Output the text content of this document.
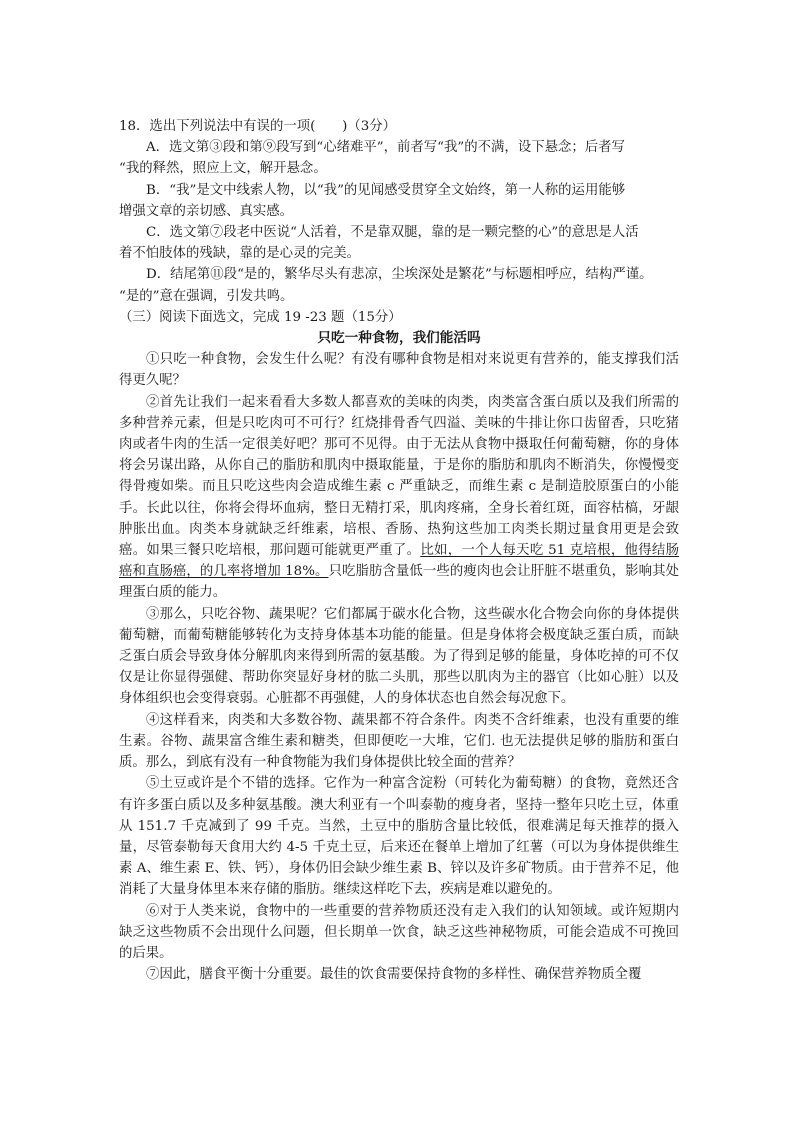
18．选出下列说法中有误的一项(　　)（3分）
A．选文第③段和第⑨段写到“心绪难平”，前者写“我”的不满，设下悬念；后者写
“我的释然，照应上文，解开悬念。
B．“我”是文中线索人物，以“我”的见闻感受贯穿全文始终，第一人称的运用能够
增强文章的亲切感、真实感。
C．选文第⑦段老中医说“人活着，不是靠双腿，靠的是一颗完整的心”的意思是人活
着不怕肢体的残缺，靠的是心灵的完美。
D．结尾第⑪段“是的，繁华尽头有悲凉，尘埃深处是繁花”与标题相呼应，结构严谨。
“是的”意在强调，引发共鸣。
（三）阅读下面选文，完成 19 -23 题（15分）
只吃一种食物，我们能活吗

①只吃一种食物，会发生什么呢？有没有哪种食物是相对来说更有营养的，能支撑我们活得更久呢？

②首先让我们一起来看看大多数人都喜欢的美味的肉类，肉类富含蛋白质以及我们所需的多种营养元素，但是只吃肉可不可行？红烧排骨香气四溢、美味的牛排让你口齿留香，只吃猪肉或者牛肉的生活一定很美好吧？那可不见得。由于无法从食物中摄取任何葡萄糖，你的身体将会另谋出路，从你自己的脂肪和肌肉中摄取能量，于是你的脂肪和肌肉不断消失，你慢慢变得骨瘦如柴。而且只吃这些肉会造成维生素 c 严重缺乏，而维生素 c 是制造胶原蛋白的小能手。长此以往，你将会得坏血病，整日无精打采，肌肉疼痛，全身长着红斑，面容枯槁，牙龈肿胀出血。肉类本身就缺乏纤维素，培根、香肠、热狗这些加工肉类长期过量食用更是会致癌。如果三餐只吃培根，那问题可能就更严重了。比如，一个人每天吃 51 克培根，他得结肠癌和直肠癌，的几率将增加 18%。只吃脂肪含量低一些的瘦肉也会让肝脏不堪重负，影响其处理蛋白质的能力。

③那么，只吃谷物、蔬果呢？它们都属于碳水化合物，这些碳水化合物会向你的身体提供葡萄糖，而葡萄糖能够转化为支持身体基本功能的能量。但是身体将会极度缺乏蛋白质，而缺乏蛋白质会导致身体分解肌肉来得到所需的氨基酸。为了得到足够的能量，身体吃掉的可不仅仅是让你显得强健、帮助你突显好身材的肱二头肌，那些以肌肉为主的器官（比如心脏）以及身体组织也会变得衰弱。心脏都不再强健，人的身体状态也自然会每况愈下。

④这样看来，肉类和大多数谷物、蔬果都不符合条件。肉类不含纤维素，也没有重要的维生素。谷物、蔬果富含维生素和糖类，但即便吃一大堆，它们. 也无法提供足够的脂肪和蛋白质。那么，到底有没有一种食物能为我们身体提供比较全面的营养？

⑤土豆或许是个不错的选择。它作为一种富含淀粉（可转化为葡萄糖）的食物，竟然还含有许多蛋白质以及多种氨基酸。澳大利亚有一个叫泰勒的瘦身者，坚持一整年只吃土豆，体重从 151.7 千克减到了 99 千克。当然，土豆中的脂肪含量比较低，很难满足每天推荐的摄入量，尽管泰勒每天食用大约 4-5 千克土豆，后来还在餐单上增加了红薯（可以为身体提供维生素 A、维生素 E、铁、钙），身体仍旧会缺少维生素 B、锌以及许多矿物质。由于营养不足，他消耗了大量身体里本来存储的脂肪。继续这样吃下去，疾病是难以避免的。

⑥对于人类来说，食物中的一些重要的营养物质还没有走入我们的认知领域。或许短期内缺乏这些物质不会出现什么问题，但长期单一饮食，缺乏这些神秘物质，可能会造成不可挽回的后果。

⑦因此，膳食平衡十分重要。最佳的饮食需要保持食物的多样性、确保营养物质全覆
